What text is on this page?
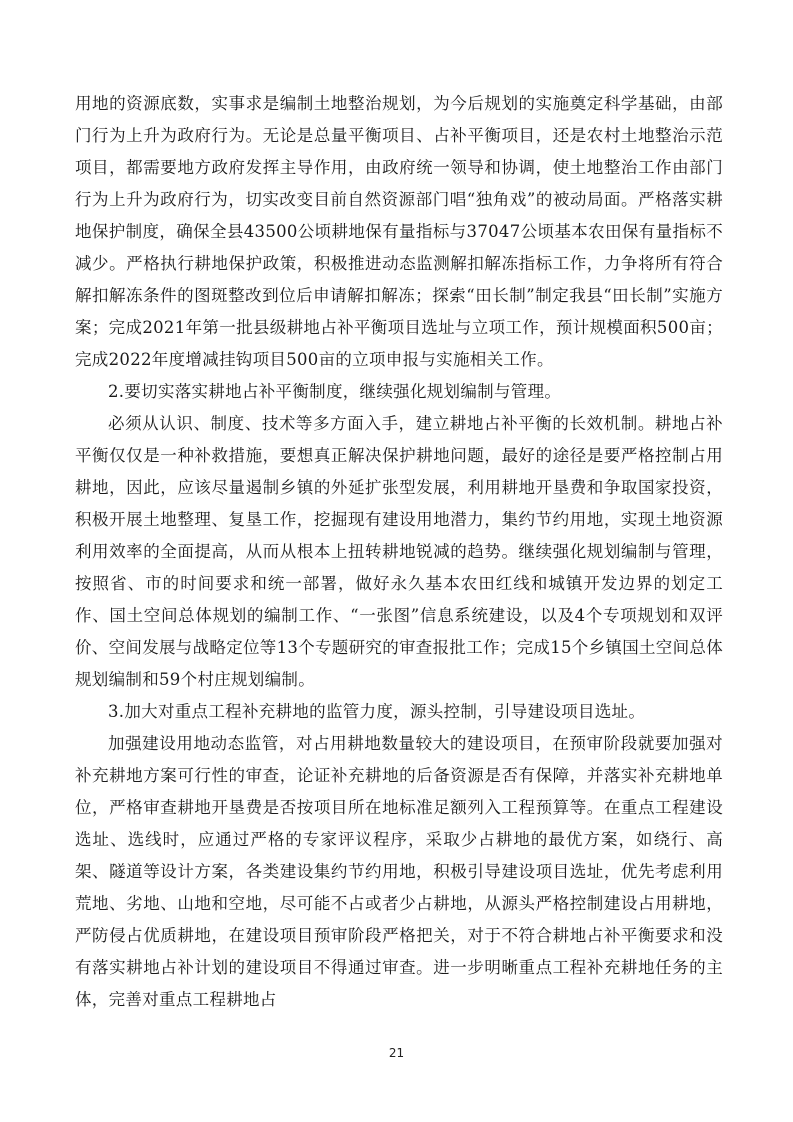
用地的资源底数，实事求是编制土地整治规划，为今后规划的实施奠定科学基础，由部门行为上升为政府行为。无论是总量平衡项目、占补平衡项目，还是农村土地整治示范项目，都需要地方政府发挥主导作用，由政府统一领导和协调，使土地整治工作由部门行为上升为政府行为，切实改变目前自然资源部门唱“独角戏”的被动局面。严格落实耕地保护制度，确保全县43500公顷耕地保有量指标与37047公顷基本农田保有量指标不减少。严格执行耕地保护政策，积极推进动态监测解扣解冻指标工作，力争将所有符合解扣解冻条件的图斑整改到位后申请解扣解冻；探索“田长制”制定我县“田长制”实施方案；完成2021年第一批县级耕地占补平衡项目选址与立项工作，预计规模面积500亩；完成2022年度增减挂钩项目500亩的立项申报与实施相关工作。

2.要切实落实耕地占补平衡制度，继续强化规划编制与管理。

必须从认识、制度、技术等多方面入手，建立耕地占补平衡的长效机制。耕地占补平衡仅仅是一种补救措施，要想真正解决保护耕地问题，最好的途径是要严格控制占用耕地，因此，应该尽量遏制乡镇的外延扩张型发展，利用耕地开垦费和争取国家投资，积极开展土地整理、复垦工作，挖掘现有建设用地潜力，集约节约用地，实现土地资源利用效率的全面提高，从而从根本上扭转耕地锐减的趋势。继续强化规划编制与管理，按照省、市的时间要求和统一部署，做好永久基本农田红线和城镇开发边界的划定工作、国土空间总体规划的编制工作、“一张图”信息系统建设，以及4个专项规划和双评价、空间发展与战略定位等13个专题研究的审查报批工作；完成15个乡镇国土空间总体规划编制和59个村庄规划编制。

3.加大对重点工程补充耕地的监管力度，源头控制，引导建设项目选址。

加强建设用地动态监管，对占用耕地数量较大的建设项目，在预审阶段就要加强对补充耕地方案可行性的审查，论证补充耕地的后备资源是否有保障，并落实补充耕地单位，严格审查耕地开垦费是否按项目所在地标准足额列入工程预算等。在重点工程建设选址、选线时，应通过严格的专家评议程序，采取少占耕地的最优方案，如绕行、高架、隧道等设计方案，各类建设集约节约用地，积极引导建设项目选址，优先考虑利用荒地、劣地、山地和空地，尽可能不占或者少占耕地，从源头严格控制建设占用耕地，严防侵占优质耕地，在建设项目预审阶段严格把关，对于不符合耕地占补平衡要求和没有落实耕地占补计划的建设项目不得通过审查。进一步明晰重点工程补充耕地任务的主体，完善对重点工程耕地占

21
